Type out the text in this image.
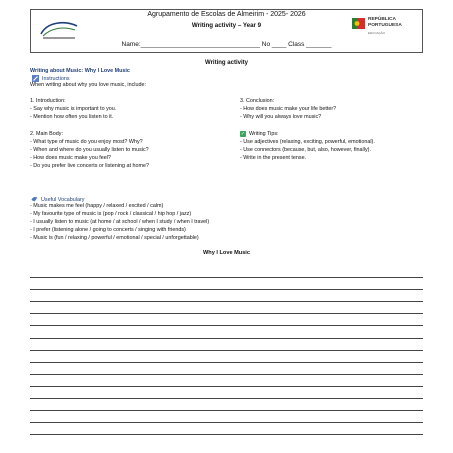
Agrupamento de Escolas de Almeirim - 2025- 2026
Writing activity – Year 9
REPÚBLICA
PORTUGUESA
EDUCAÇÃO
Name:_________________________________ No ____ Class _______
Writing activity
Writing about Music: Why I Love Music
Instructions
When writing about why you love music, include:
1. Introduction:
- Say why music is important to you.
- Mention how often you listen to it.
2. Main Body:
- What type of music do you enjoy most? Why?
- When and where do you usually listen to music?
- How does music make you feel?
- Do you prefer live concerts or listening at home?
3. Conclusion:
- How does music make your life better?
- Why will you always love music?
✓ Writing Tips:
- Use adjectives (relaxing, exciting, powerful, emotional).
- Use connectors (because, but, also, however, finally).
- Write in the present tense.
Useful Vocabulary
- Music makes me feel (happy / relaxed / excited / calm)
- My favourite type of music is (pop / rock / classical / hip hop / jazz)
- I usually listen to music (at home / at school / when I study / when I travel)
- I prefer (listening alone / going to concerts / singing with friends)
- Music is (fun / relaxing / powerful / emotional / special / unforgettable)
Why I Love Music
